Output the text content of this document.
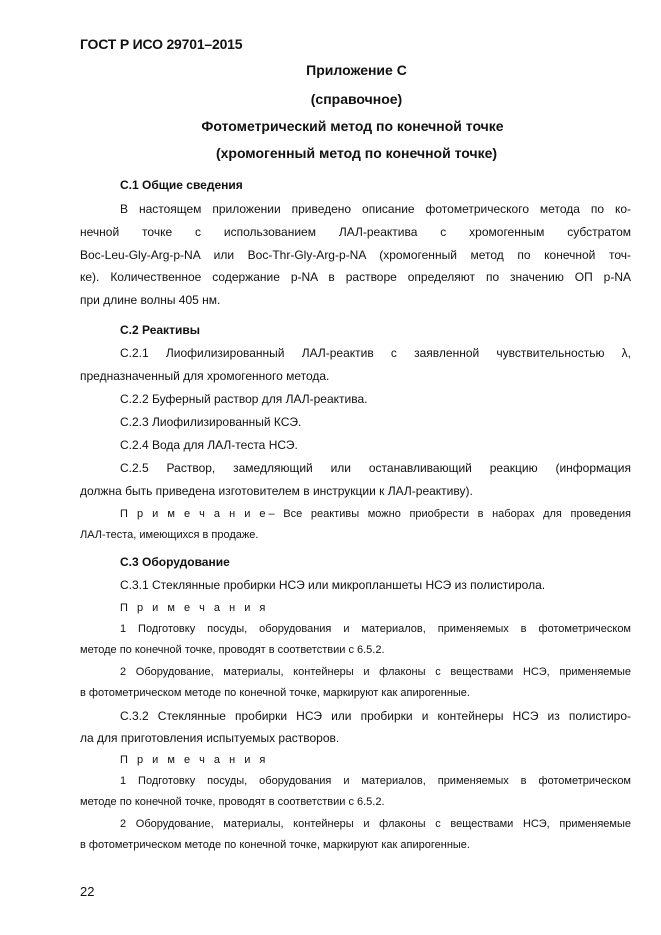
ГОСТ Р ИСО 29701–2015
Приложение С
(справочное)
Фотометрический метод по конечной точке
(хромогенный метод по конечной точке)
С.1 Общие сведения
В настоящем приложении приведено описание фотометрического метода по ко-
нечной точке с использованием ЛАЛ-реактива с хромогенным субстратом
Boc-Leu-Gly-Arg-p-NA или Boc-Thr-Gly-Arg-p-NA (хромогенный метод по конечной точ-
ке). Количественное содержание p-NA в растворе определяют по значению ОП p-NA
при длине волны 405 нм.
С.2 Реактивы
С.2.1 Лиофилизированный ЛАЛ-реактив с заявленной чувствительностью λ,
предназначенный для хромогенного метода.
С.2.2 Буферный раствор для ЛАЛ-реактива.
С.2.3 Лиофилизированный КСЭ.
С.2.4 Вода для ЛАЛ-теста НСЭ.
С.2.5 Раствор, замедляющий или останавливающий реакцию (информация
должна быть приведена изготовителем в инструкции к ЛАЛ-реактиву).
П р и м е ч а н и е – Все реактивы можно приобрести в наборах для проведения
ЛАЛ-теста, имеющихся в продаже.
С.3 Оборудование
С.3.1 Стеклянные пробирки НСЭ или микропланшеты НСЭ из полистирола.
П р и м е ч а н и я
1 Подготовку посуды, оборудования и материалов, применяемых в фотометрическом
методе по конечной точке, проводят в соответствии с 6.5.2.
2 Оборудование, материалы, контейнеры и флаконы с веществами НСЭ, применяемые
в фотометрическом методе по конечной точке, маркируют как апирогенные.
С.3.2 Стеклянные пробирки НСЭ или пробирки и контейнеры НСЭ из полистиро-
ла для приготовления испытуемых растворов.
П р и м е ч а н и я
1 Подготовку посуды, оборудования и материалов, применяемых в фотометрическом
методе по конечной точке, проводят в соответствии с 6.5.2.
2 Оборудование, материалы, контейнеры и флаконы с веществами НСЭ, применяемые
в фотометрическом методе по конечной точке, маркируют как апирогенные.
22
